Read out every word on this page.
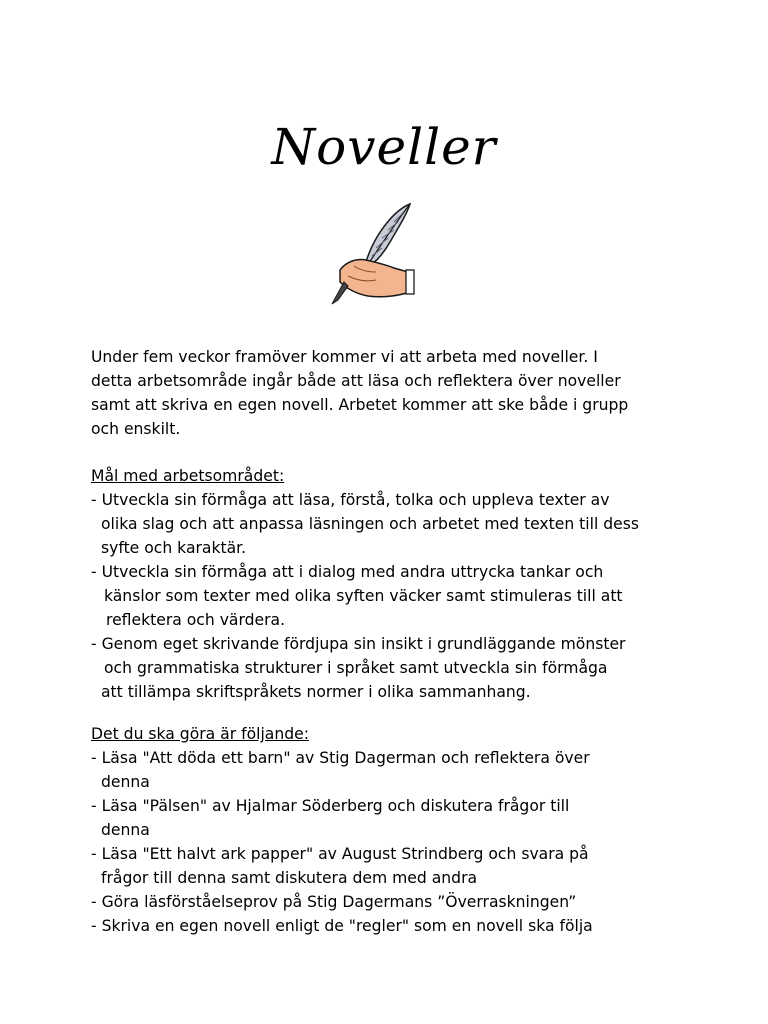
Noveller
Under fem veckor framöver kommer vi att arbeta med noveller. I
detta arbetsområde ingår både att läsa och reflektera över noveller
samt att skriva en egen novell. Arbetet kommer att ske både i grupp
och enskilt.
Mål med arbetsområdet:
- Utveckla sin förmåga att läsa, förstå, tolka och uppleva texter av
olika slag och att anpassa läsningen och arbetet med texten till dess
syfte och karaktär.
- Utveckla sin förmåga att i dialog med andra uttrycka tankar och
känslor som texter med olika syften väcker samt stimuleras till att
reflektera och värdera.
- Genom eget skrivande fördjupa sin insikt i grundläggande mönster
och grammatiska strukturer i språket samt utveckla sin förmåga
att tillämpa skriftspråkets normer i olika sammanhang.
Det du ska göra är följande:
- Läsa "Att döda ett barn" av Stig Dagerman och reflektera över
denna
- Läsa "Pälsen" av Hjalmar Söderberg och diskutera frågor till
denna
- Läsa "Ett halvt ark papper" av August Strindberg och svara på
frågor till denna samt diskutera dem med andra
- Göra läsförståelseprov på Stig Dagermans ”Överraskningen”
- Skriva en egen novell enligt de "regler" som en novell ska följa
